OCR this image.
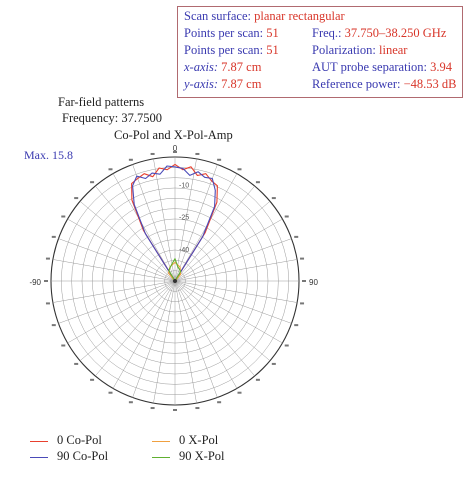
Scan surface: planar rectangular
Points per scan: 51	Freq.: 37.750–38.250 GHz
Points per scan: 51	Polarization: linear
x-axis: 7.87 cm	AUT probe separation: 3.94
y-axis: 7.87 cm	Reference power: −48.53 dB
Far-field patterns
Frequency: 37.7500
Co-Pol and X-Pol-Amp
Max. 15.8	0
90
-90
-10
-25
-40
0 Co-Pol	0 X-Pol
90 Co-Pol	90 X-Pol
